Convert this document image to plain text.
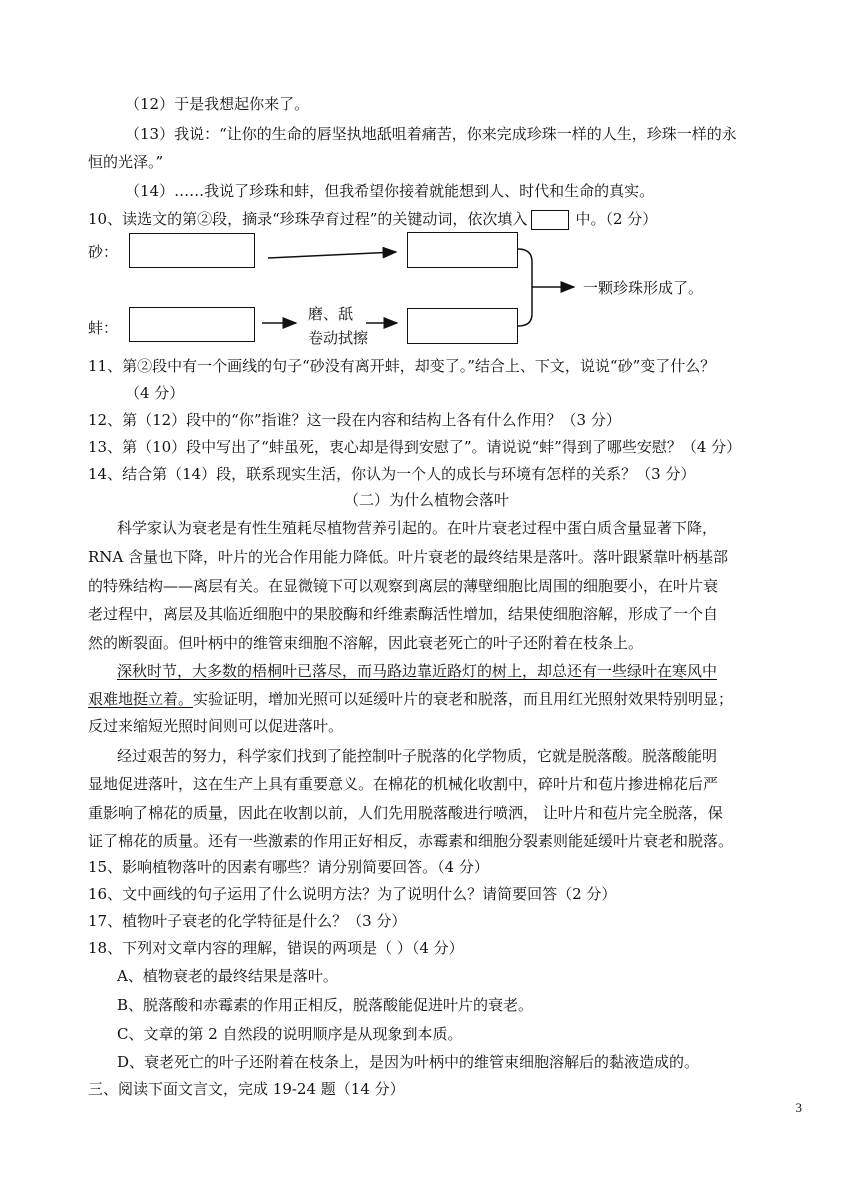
（12）于是我想起你来了。
（13）我说：“让你的生命的唇坚执地舐咀着痛苦，你来完成珍珠一样的人生，珍珠一样的永
恒的光泽。”
（14）……我说了珍珠和蚌，但我希望你接着就能想到人、时代和生命的真实。
10、读选文的第②段，摘录“珍珠孕育过程”的关键动词，依次填入	中。（2 分）
砂：
蚌：
磨、舐
卷动拭擦
一颗珍珠形成了。
11、第②段中有一个画线的句子“砂没有离开蚌，却变了。”结合上、下文，说说“砂”变了什么？
（4 分）
12、第（12）段中的“你”指谁？这一段在内容和结构上各有什么作用？（3 分）
13、第（10）段中写出了“蚌虽死，衷心却是得到安慰了”。请说说“蚌”得到了哪些安慰？（4 分）
14、结合第（14）段，联系现实生活，你认为一个人的成长与环境有怎样的关系？（3 分）
（二）为什么植物会落叶
科学家认为衰老是有性生殖耗尽植物营养引起的。在叶片衰老过程中蛋白质含量显著下降，
RNA 含量也下降，叶片的光合作用能力降低。叶片衰老的最终结果是落叶。落叶跟紧靠叶柄基部
的特殊结构——离层有关。在显微镜下可以观察到离层的薄壁细胞比周围的细胞要小，在叶片衰
老过程中，离层及其临近细胞中的果胶酶和纤维素酶活性增加，结果使细胞溶解，形成了一个自
然的断裂面。但叶柄中的维管束细胞不溶解，因此衰老死亡的叶子还附着在枝条上。
深秋时节，大多数的梧桐叶已落尽，而马路边靠近路灯的树上，却总还有一些绿叶在寒风中
艰难地挺立着。实验证明，增加光照可以延缓叶片的衰老和脱落，而且用红光照射效果特别明显；
反过来缩短光照时间则可以促进落叶。
经过艰苦的努力，科学家们找到了能控制叶子脱落的化学物质，它就是脱落酸。脱落酸能明
显地促进落叶，这在生产上具有重要意义。在棉花的机械化收割中，碎叶片和苞片掺进棉花后严
重影响了棉花的质量，因此在收割以前，人们先用脱落酸进行喷洒， 让叶片和苞片完全脱落，保
证了棉花的质量。还有一些激素的作用正好相反，赤霉素和细胞分裂素则能延缓叶片衰老和脱落。
15、影响植物落叶的因素有哪些？请分别简要回答。（4 分）
16、文中画线的句子运用了什么说明方法？为了说明什么？请简要回答（2 分）
17、植物叶子衰老的化学特征是什么？（3 分）
18、下列对文章内容的理解，错误的两项是（ ）（4 分）
A、植物衰老的最终结果是落叶。
B、脱落酸和赤霉素的作用正相反，脱落酸能促进叶片的衰老。
C、文章的第 2 自然段的说明顺序是从现象到本质。
D、衰老死亡的叶子还附着在枝条上，是因为叶柄中的维管束细胞溶解后的黏液造成的。
三、阅读下面文言文，完成 19-24 题（14 分）
3
